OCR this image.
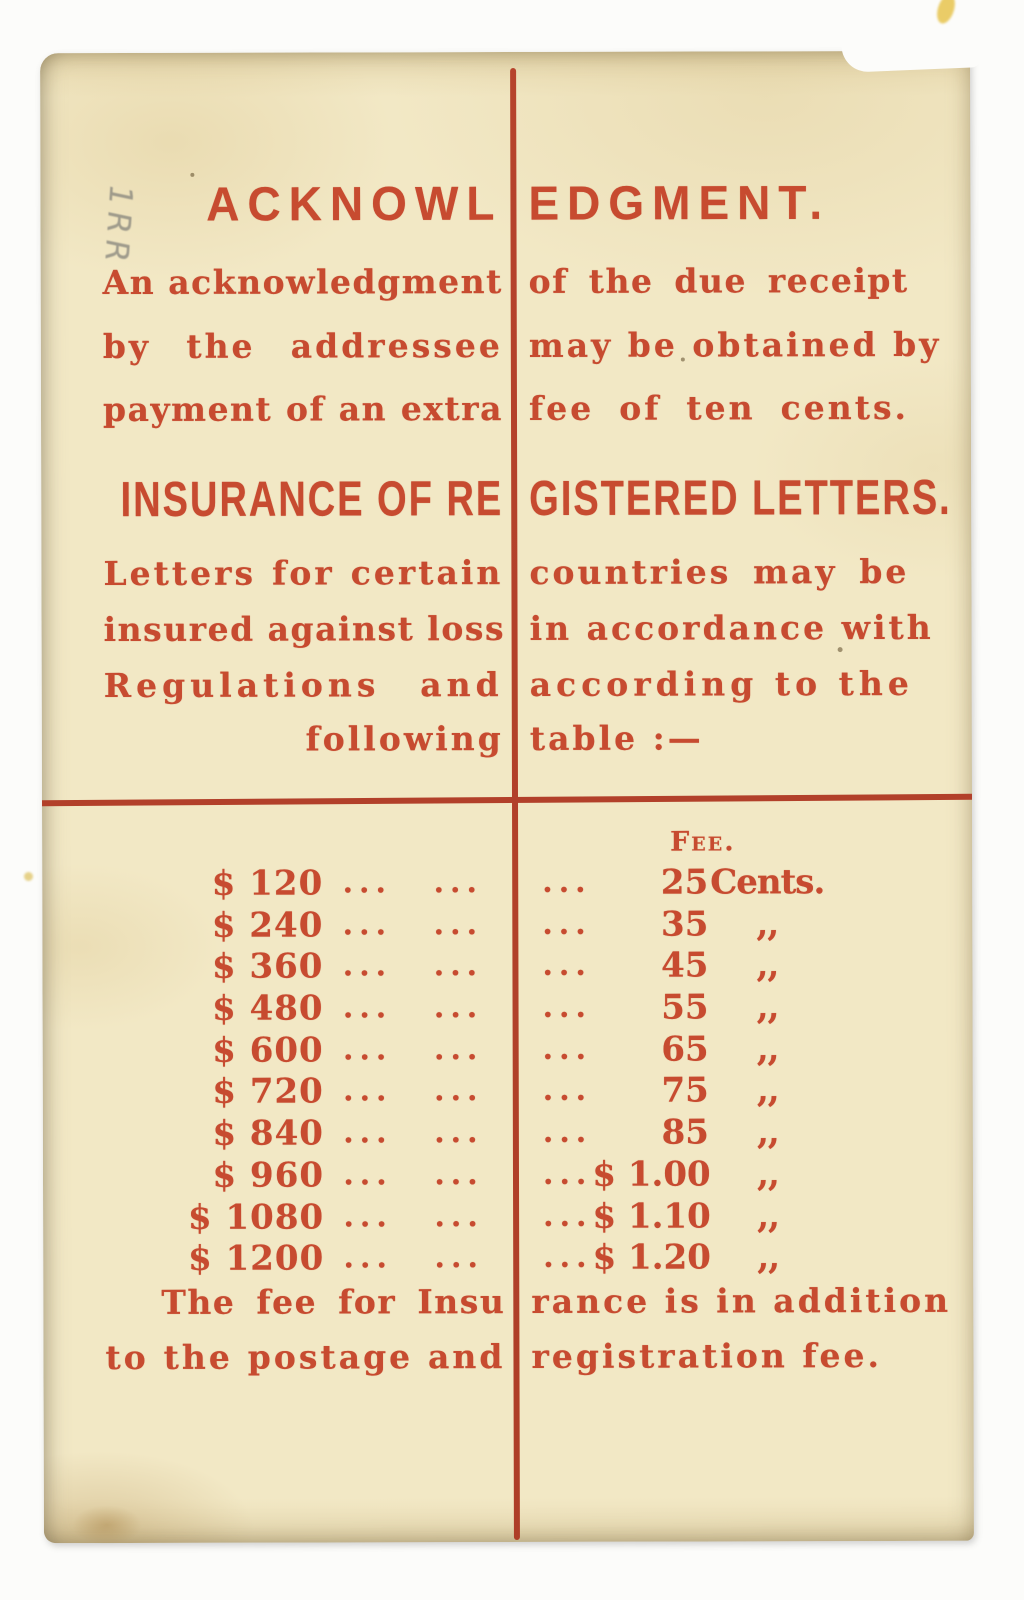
1RR	ACKNOWL EDGMENT.
An acknowledgment of the due receipt
by the addressee may be obtained by
payment of an extra fee of ten cents.
INSURANCE OF RE GISTERED LETTERS.
Letters for certain countries may be
insured against loss in accordance with
Regulations and according to the
following table :—
Fee.
$ 120 ...	...	... 25 Cents.
$ 240 ...	...	... 35	,,
$ 360 ...	...	... 45	,,
$ 480 ...	...	... 55	,,
$ 600 ...	...	... 65	,,
$ 720 ...	...	... 75	,,
$ 840 ...	...	... 85	,,
$ 960 ...	...	... $ 1.00	,,
$ 1080 ...	...	... $ 1.10	,,
$ 1200 ...	...	... $ 1.20	,,
The fee for Insu rance is in addition
to the postage and registration fee.
